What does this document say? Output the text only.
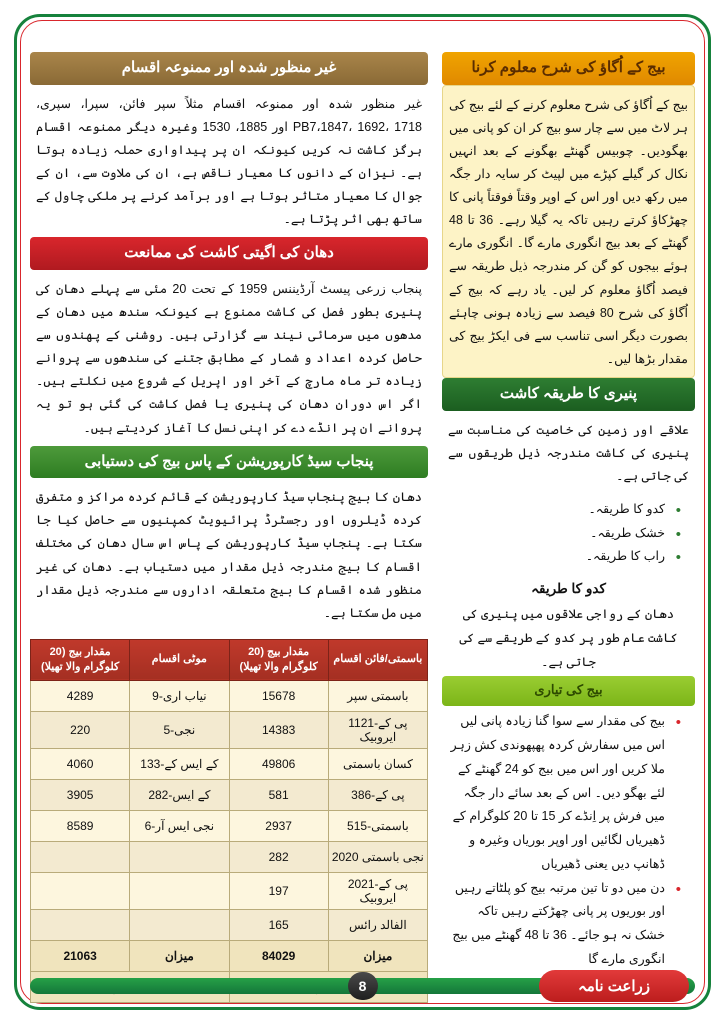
غیر منظور شدہ اور ممنوعہ اقسام
غیر منظور شدہ اور ممنوعہ اقسام مثلاً سپر فائن، سپرا، سپری، PB7،1847، 1692، 1718 اور 1885، 1530 وغیرہ دیگر ممنوعہ اقسام ہرگز کاشت نہ کریں کیونکہ ان پر پیداواری حملہ زیادہ ہوتا ہے۔ نیزان کے دانوں کا معیار ناقص ہے، ان کی ملاوت سے، ان کے جوال کا معیار متاثر ہوتا ہے اور برآمد کرنے پر ملکی چاول کے ساتھ بھی اثر پڑتا ہے۔
دھان کی اگیتی کاشت کی ممانعت
پنجاب زرعی پیسٹ آرڈیننس 1959 کے تحت 20 مئی سے پہلے دھان کی پنیری بطور فصل کی کاشت ممنوع ہے کیونکہ سندھ میں دھان کے مدھوں میں سرمائی نیند سے گزارتی ہیں۔ روشنی کے پھندوں سے حاصل کردہ اعداد و شمار کے مطابق جتنے کی سندھوں سے پروانے زیادہ تر ماہ مارچ کے آخر اور اپریل کے شروع میں نکلتے ہیں۔ اگر اس دوران دھان کی پنیری یا فصل کاشت کی گئی ہو تو یہ پروانے ان پر انڈے دے کر اپنی نسل کا آغاز کردیتے ہیں۔
پنجاب سیڈ کارپوریشن کے پاس بیج کی دستیابی
دھان کا بیج پنجاب سیڈ کارپوریشن کے قائم کردہ مراکز و متفرق کردہ ڈیلروں اور رجسٹرڈ پرائیویٹ کمپنیوں سے حاصل کیا جا سکتا ہے۔ پنجاب سیڈ کارپوریشن کے پاس اس سال دھان کی مختلف اقسام کا بیج مندرجہ ذیل مقدار میں دستیاب ہے۔ دھان کی غیر منظور شدہ اقسام کا بیج متعلقہ اداروں سے مندرجہ ذیل مقدار میں مل سکتا ہے۔
باسمتی/فائن اقسام	مقدار بیج (20 کلوگرام والا تھیلا)	موٹی اقسام	مقدار بیج (20 کلوگرام والا تھیلا)
باسمتی سپر	15678	نیاب اری-9	4289
پی کے-1121 ایروبیک	14383	نجی-5	220
کسان باسمتی	49806	کے ایس کے-133	4060
پی کے-386	581	کے ایس-282	3905
باسمتی-515	2937	نجی ایس آر-6	8589
نجی باسمتی 2020	282		
پی کے-2021 ایروبیک	197		
الفالد رائس	165		
میزان	84029	میزان	21063

بیج کے اُگاؤ کی شرح معلوم کرنا
بیج کے اُگاؤ کی شرح معلوم کرنے کے لئے بیج کی ہر لاٹ میں سے چار سو بیج کر ان کو پانی میں بھگودیں۔ چوبیس گھنٹے بھگونے کے بعد انہیں نکال کر گیلے کپڑے میں لپیٹ کر سایہ دار جگہ میں رکھ دیں اور اس کے اوپر وقتاً فوقتاً پانی کا چھڑکاؤ کرتے رہیں تاکہ یہ گیلا رہے۔ 36 تا 48 گھنٹے کے بعد بیج انگوری مارے گا۔ انگوری مارے ہوئے بیجوں کو گن کر مندرجہ ذیل طریقہ سے فیصد اُگاؤ معلوم کر لیں۔ یاد رہے کہ بیج کے اُگاؤ کی شرح 80 فیصد سے زیادہ ہونی چاہئے بصورت دیگر اسی تناسب سے فی ایکڑ بیج کی مقدار بڑھا لیں۔
پنیری کا طریقہ کاشت
علاقے اور زمین کی خاصیت کی مناسبت سے پنیری کی کاشت مندرجہ ذیل طریقوں سے کی جاتی ہے۔
• کدو کا طریقہ۔
• خشک طریقہ۔
• راب کا طریقہ۔
کدو کا طریقہ
دھان کے رواجی علاقوں میں پنیری کی کاشت عام طور پر کدو کے طریقے سے کی جاتی ہے۔
بیج کی تیاری
• بیج کی مقدار سے سوا گنا زیادہ پانی لیں اس میں سفارش کردہ پھپھوندی کش زہر ملا کریں اور اس میں بیج کو 24 گھنٹے کے لئے بھگو دیں۔ اس کے بعد سائے دار جگہ میں فرش پر اِنڈے کر 15 تا 20 کلوگرام کے ڈھیریاں لگائیں اور اوپر بوریاں وغیرہ و ڈھانپ دیں یعنی ڈھیریاں
• دن میں دو تا تین مرتبہ بیج کو پلٹاتے رہیں اور بوریوں پر پانی چھڑکتے رہیں تاکہ خشک نہ ہو جائے۔ 36 تا 48 گھنٹے میں بیج انگوری مارے گا
زراعت نامہ
8
